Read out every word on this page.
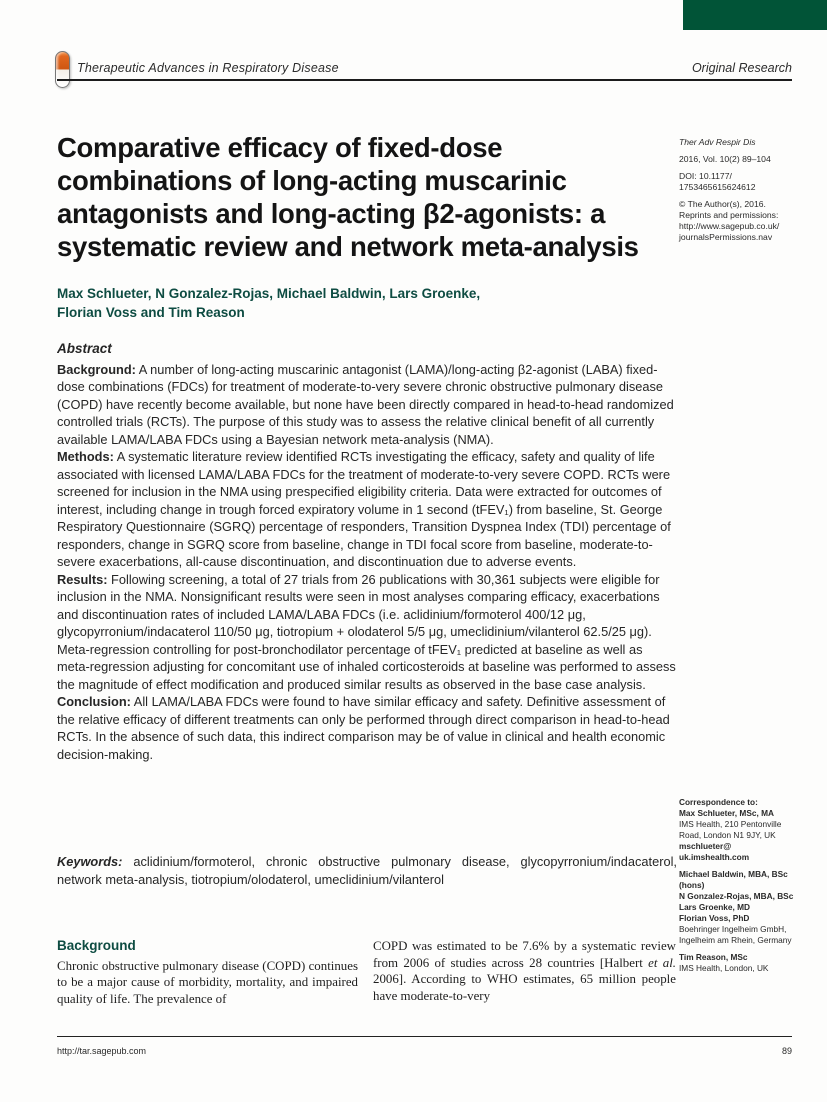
Therapeutic Advances in Respiratory Disease	Original Research
Comparative efficacy of fixed-dose
combinations of long-acting muscarinic
antagonists and long-acting β2-agonists: a
systematic review and network meta-analysis

Ther Adv Respir Dis

2016, Vol. 10(2) 89–104

DOI: 10.1177/
1753465615624612

© The Author(s), 2016.
Reprints and permissions:
http://www.sagepub.co.uk/
journalsPermissions.nav

Max Schlueter, N Gonzalez-Rojas, Michael Baldwin, Lars Groenke,
Florian Voss and Tim Reason
Abstract

Background: A number of long-acting muscarinic antagonist (LAMA)/long-acting β2-agonist (LABA) fixed-dose combinations (FDCs) for treatment of moderate-to-very severe chronic obstructive pulmonary disease (COPD) have recently become available, but none have been directly compared in head-to-head randomized controlled trials (RCTs). The purpose of this study was to assess the relative clinical benefit of all currently available LAMA/LABA FDCs using a Bayesian network meta-analysis (NMA).

Methods: A systematic literature review identified RCTs investigating the efficacy, safety and quality of life associated with licensed LAMA/LABA FDCs for the treatment of moderate-to-very severe COPD. RCTs were screened for inclusion in the NMA using prespecified eligibility criteria. Data were extracted for outcomes of interest, including change in trough forced expiratory volume in 1 second (tFEV₁) from baseline, St. George Respiratory Questionnaire (SGRQ) percentage of responders, Transition Dyspnea Index (TDI) percentage of responders, change in SGRQ score from baseline, change in TDI focal score from baseline, moderate-to-severe exacerbations, all-cause discontinuation, and discontinuation due to adverse events.

Results: Following screening, a total of 27 trials from 26 publications with 30,361 subjects were eligible for inclusion in the NMA. Nonsignificant results were seen in most analyses comparing efficacy, exacerbations and discontinuation rates of included LAMA/LABA FDCs (i.e. aclidinium/formoterol 400/12 μg, glycopyrronium/indacaterol 110/50 μg, tiotropium + olodaterol 5/5 μg, umeclidinium/vilanterol 62.5/25 μg). Meta-regression controlling for post-bronchodilator percentage of tFEV₁ predicted at baseline as well as meta-regression adjusting for concomitant use of inhaled corticosteroids at baseline was performed to assess the magnitude of effect modification and produced similar results as observed in the base case analysis.

Conclusion: All LAMA/LABA FDCs were found to have similar efficacy and safety. Definitive assessment of the relative efficacy of different treatments can only be performed through direct comparison in head-to-head RCTs. In the absence of such data, this indirect comparison may be of value in clinical and health economic decision-making.

Keywords: aclidinium/formoterol, chronic obstructive pulmonary disease, glycopyrronium/indacaterol, network meta-analysis, tiotropium/olodaterol, umeclidinium/vilanterol
Background
Chronic obstructive pulmonary disease (COPD) continues to be a major cause of morbidity, mortality, and impaired quality of life. The prevalence of
COPD was estimated to be 7.6% by a systematic review from 2006 of studies across 28 countries [Halbert et al. 2006]. According to WHO estimates, 65 million people have moderate-to-very
Correspondence to:
Max Schlueter, MSc, MA
IMS Health, 210 Pentonville Road, London N1 9JY, UK
mschlueter@
uk.imshealth.com
Michael Baldwin, MBA, BSc (hons)
N Gonzalez-Rojas, MBA, BSc
Lars Groenke, MD
Florian Voss, PhD
Boehringer Ingelheim GmbH, Ingelheim am Rhein, Germany
Tim Reason, MSc
IMS Health, London, UK
http://tar.sagepub.com	89
